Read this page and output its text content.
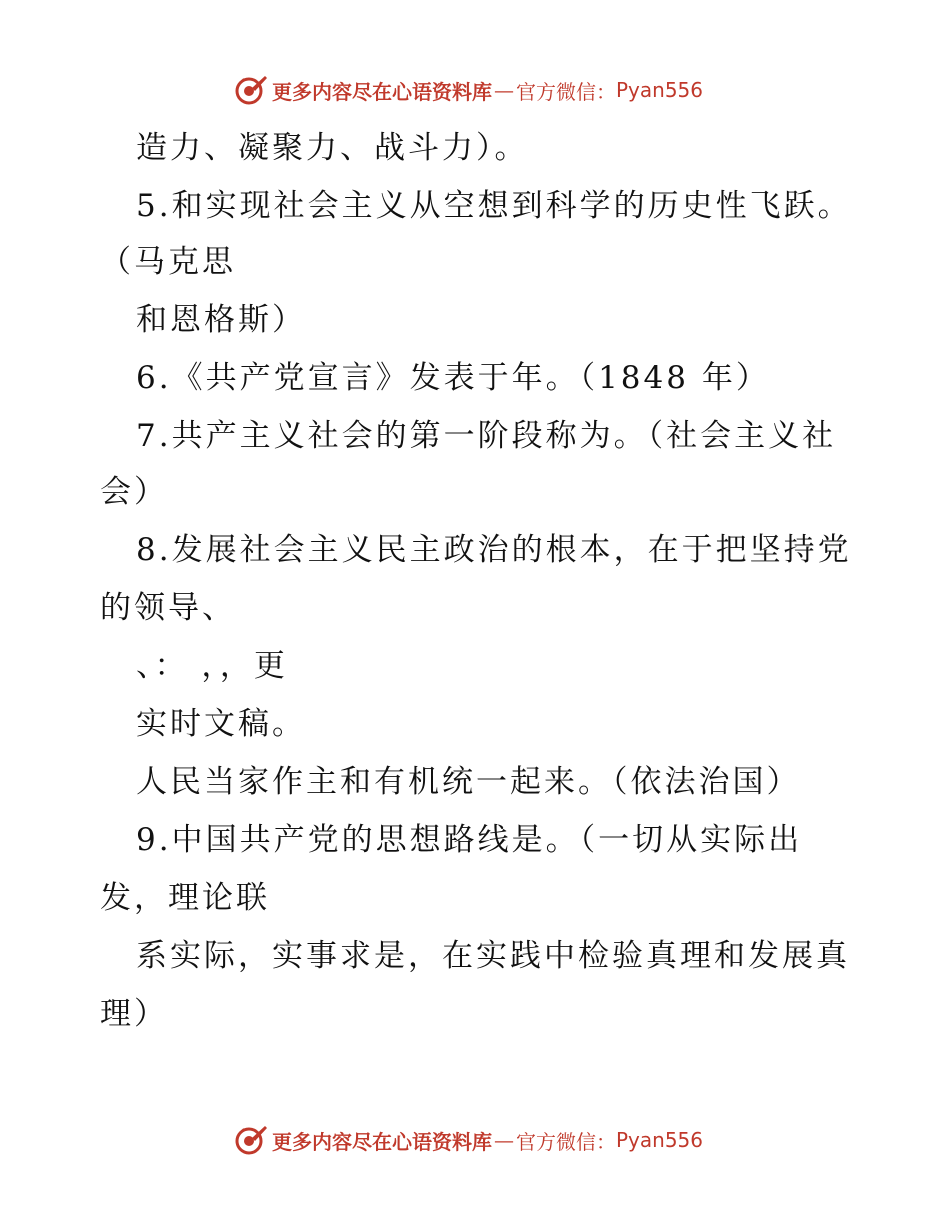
更多内容尽在心语资料库 — 官方微信： Pyan556
造力、凝聚力、战斗力）。
5.和实现社会主义从空想到科学的历史性飞跃。
（马克思
和恩格斯）
6.《共产党宣言》发表于年。（1848 年）
7.共产主义社会的第一阶段称为。（社会主义社
会）
8.发展社会主义民主政治的根本，在于把坚持党
的领导、
、： ，，更
实时文稿。
人民当家作主和有机统一起来。（依法治国）
9.中国共产党的思想路线是。（一切从实际出
发，理论联
系实际，实事求是，在实践中检验真理和发展真
理）
更多内容尽在心语资料库 — 官方微信： Pyan556
